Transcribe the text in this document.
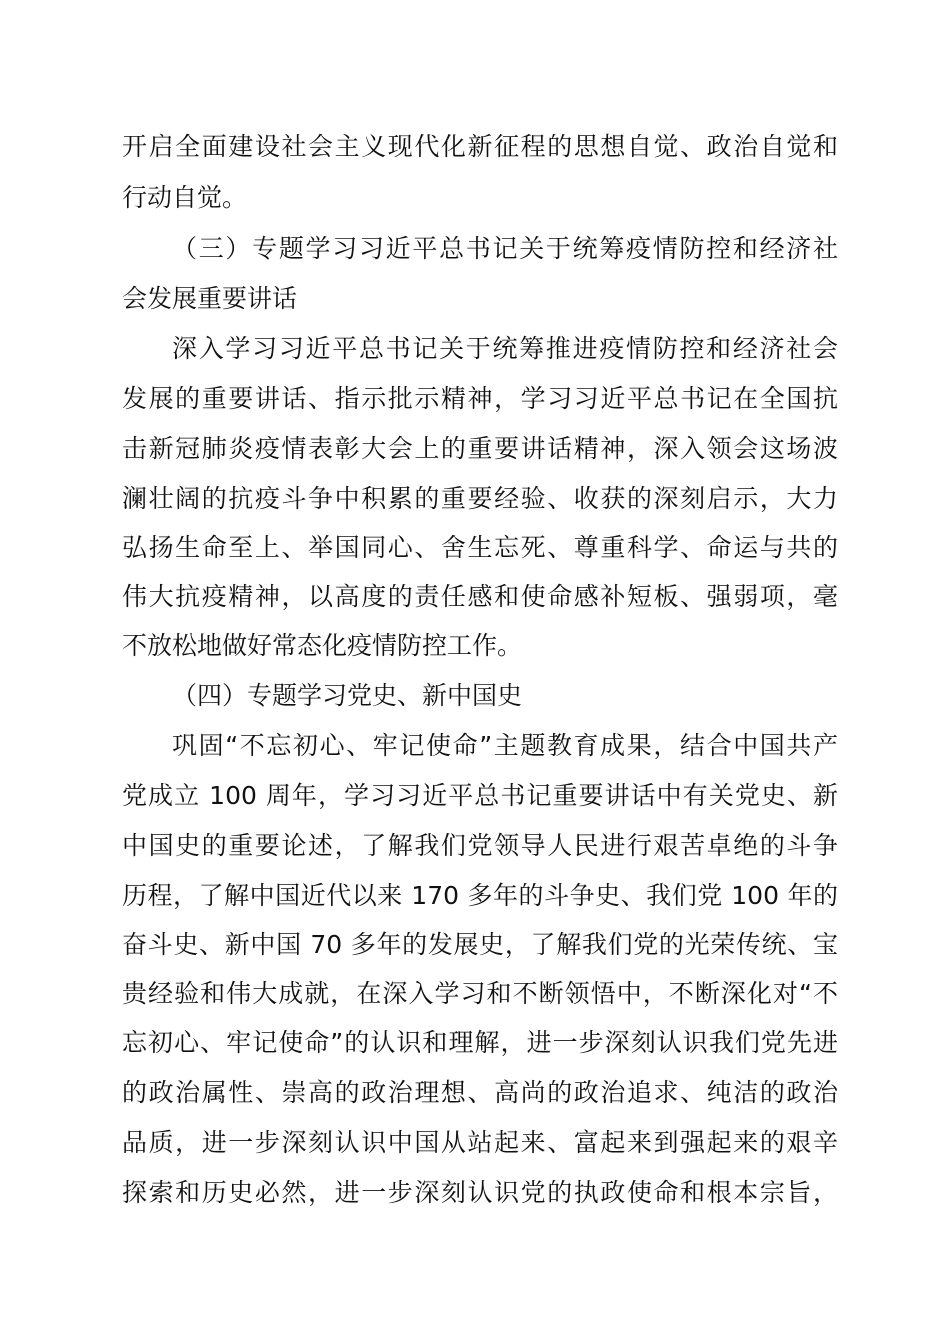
开启全面建设社会主义现代化新征程的思想自觉、政治自觉和
行动自觉。
（三）专题学习习近平总书记关于统筹疫情防控和经济社
会发展重要讲话
深入学习习近平总书记关于统筹推进疫情防控和经济社会
发展的重要讲话、指示批示精神，学习习近平总书记在全国抗
击新冠肺炎疫情表彰大会上的重要讲话精神，深入领会这场波
澜壮阔的抗疫斗争中积累的重要经验、收获的深刻启示，大力
弘扬生命至上、举国同心、舍生忘死、尊重科学、命运与共的
伟大抗疫精神，以高度的责任感和使命感补短板、强弱项，毫
不放松地做好常态化疫情防控工作。
（四）专题学习党史、新中国史
巩固“不忘初心、牢记使命”主题教育成果，结合中国共产
党成立 100 周年，学习习近平总书记重要讲话中有关党史、新
中国史的重要论述，了解我们党领导人民进行艰苦卓绝的斗争
历程，了解中国近代以来 170 多年的斗争史、我们党 100 年的
奋斗史、新中国 70 多年的发展史，了解我们党的光荣传统、宝
贵经验和伟大成就，在深入学习和不断领悟中，不断深化对“不
忘初心、牢记使命”的认识和理解，进一步深刻认识我们党先进
的政治属性、崇高的政治理想、高尚的政治追求、纯洁的政治
品质，进一步深刻认识中国从站起来、富起来到强起来的艰辛
探索和历史必然，进一步深刻认识党的执政使命和根本宗旨，
